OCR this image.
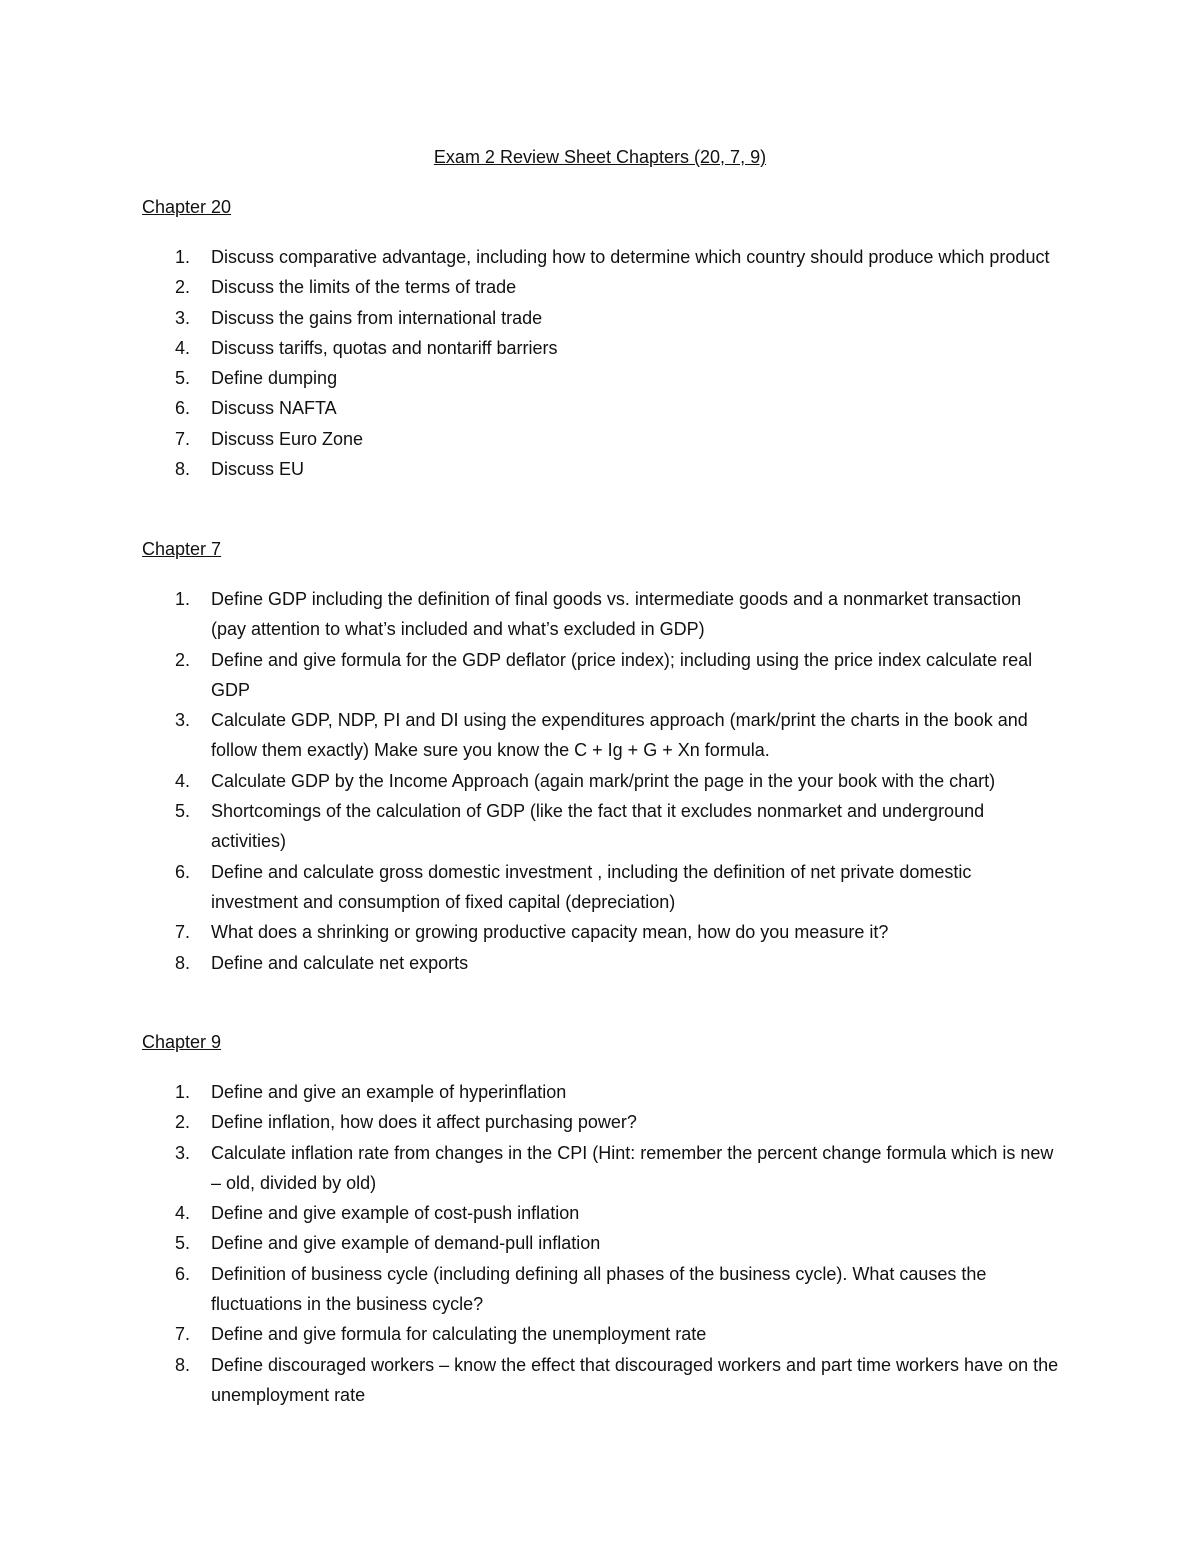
Exam 2 Review Sheet Chapters (20, 7, 9)
Chapter 20
1. Discuss comparative advantage, including how to determine which country should produce which product
2. Discuss the limits of the terms of trade
3. Discuss the gains from international trade
4. Discuss tariffs, quotas and nontariff barriers
5. Define dumping
6. Discuss NAFTA
7. Discuss Euro Zone
8. Discuss EU
Chapter 7
1. Define GDP including the definition of final goods vs. intermediate goods and a nonmarket transaction (pay attention to what’s included and what’s excluded in GDP)
2. Define and give formula for the GDP deflator (price index); including using the price index calculate real GDP
3. Calculate GDP, NDP, PI and DI using the expenditures approach (mark/print the charts in the book and follow them exactly) Make sure you know the C + Ig + G + Xn formula.
4. Calculate GDP by the Income Approach (again mark/print the page in the your book with the chart)
5. Shortcomings of the calculation of GDP (like the fact that it excludes nonmarket and underground activities)
6. Define and calculate gross domestic investment , including the definition of net private domestic investment and consumption of fixed capital (depreciation)
7. What does a shrinking or growing productive capacity mean, how do you measure it?
8. Define and calculate net exports
Chapter 9
1. Define and give an example of hyperinflation
2. Define inflation, how does it affect purchasing power?
3. Calculate inflation rate from changes in the CPI (Hint: remember the percent change formula which is new – old, divided by old)
4. Define and give example of cost-push inflation
5. Define and give example of demand-pull inflation
6. Definition of business cycle (including defining all phases of the business cycle). What causes the fluctuations in the business cycle?
7. Define and give formula for calculating the unemployment rate
8. Define discouraged workers – know the effect that discouraged workers and part time workers have on the unemployment rate
